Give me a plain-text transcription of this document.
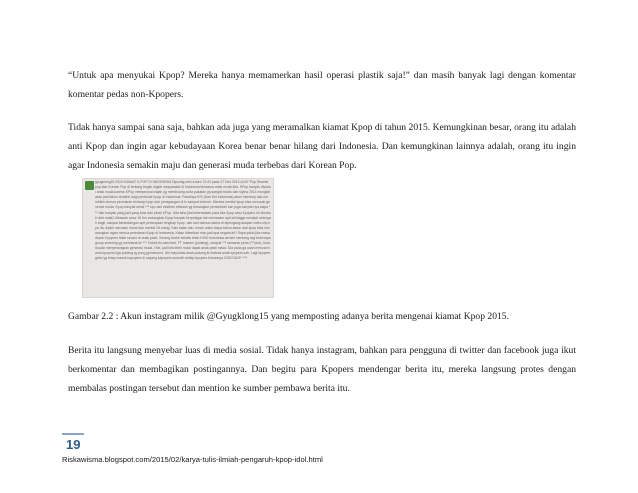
“Untuk apa menyukai Kpop? Mereka hanya memamerkan hasil operasi plastik saja!” dan masih banyak lagi dengan komentar komentar pedas non-Kpopers.

Tidak hanya sampai sana saja, bahkan ada juga yang meramalkan kiamat Kpop di tahun 2015. Kemungkinan besar, orang itu adalah anti Kpop dan ingin agar kebudayaan Korea benar benar hilang dari Indonesia. Dan kemungkinan lainnya adalah, orang itu ingin agar Indonesia semakin maju dan generasi muda terbebas dari Korean Pop.

gyugklong15 2015 KIAMAT K-POP DI INDONESIA Dipostig oleh Andre 12:43 pada 27 Des 2014 ALNT Pop Rewrite pop-star Korean Pop di tentang begitu digilai masyarakat di Indonesia terutama anak muda kita. KPop banyak disukai anak muda karena KPop mempunyai wajah yg membuang sorta pakaian yg sangat modis dan stylea 2014 mungkin akan jadi tahun terakhir bagi penikmat Kpop di Indonesia. Pasalnya KSI (Kan Set Indonesia) akan menutup dan membikin semua peredaran tentang Kpop dari penayangan di tv sampai internet. Mereka menilai kpop bisa merusak generasi muda. Kpop banyak sensi *** kpo dari ekstrem eltelase yg tersangkut pemerintah kan juga banyak nya siapa *** dan banyak yang jadi yang kota dari pihak KPop. Kita tahu jika keberadaan para kita Kpop atau Kpopers ini dinobati oleh anak2 dibawah umur 18 thn sedangkan Kpop banyak berpelagar lain semacam apit sehingga menjadi selengah bagil, sampai berandangan apit pertanyaan lengkap Kpop. dan kan bahwa utama di dipengang akapan video clip nya. Itu dipikir merusak moral dan mental 18 orang. Kalo kalau lalu, tuhan untuk siapa-tahun-tahun dari kpop bisa melarangkan agarr semua peredaran Kpop di Indonesia. Kalau diberikan mau jadi apa negara ini? Saya yakin jika masa depan Kpopers tidak secaro di anak pasti, Serang Andre sekalis telah KSID Indonesia sendiri mentang lagi beberapa group sneering yg mendarat ke *** Cekek itu sanchart, FT macam (pudeng), sampai *** semarak pena (***puri), buat itu jadi menyenangkan generasi muda. Oke, jadi kita lebih mulai dapat anak pasti masa. Dia pada ga usah mencari nama kpopers liga pudang tg pung jgnmenurut. Aki mayoritas anak pudang itu bahwa anak kpopers sah. Lagi kpopers gebo yg tetap masuk kapopers di sayang kapopers sumalih setiap kpopers bukannya 1000 SAVE ****

Gambar 2.2 : Akun instagram milik @Gyugklong15 yang memposting adanya berita mengenai kiamat Kpop 2015.

Berita itu langsung menyebar luas di media sosial. Tidak hanya instagram, bahkan para pengguna di twitter dan facebook juga ikut berkomentar dan membagikan postingannya. Dan begitu para Kpopers mendengar berita itu, mereka langsung protes dengan membalas postingan tersebut dan mention ke sumber pembawa berita itu.

19
Riskawisma.blogspot.com/2015/02/karya-tulis-ilmiah-pengaruh-kpop-idol.html
